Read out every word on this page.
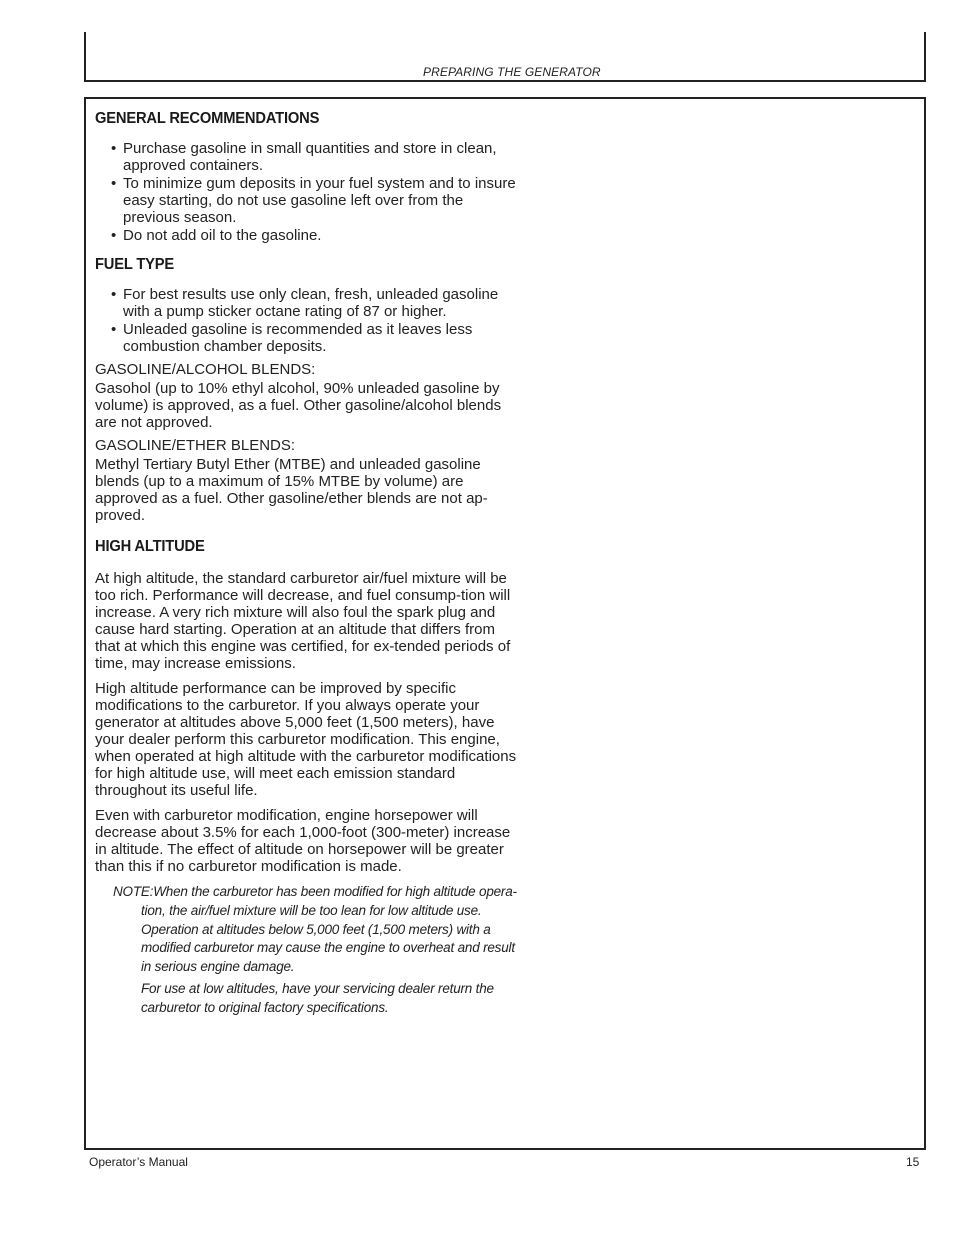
PREPARING THE GENERATOR
GENERAL RECOMMENDATIONS
• Purchase gasoline in small quantities and store in clean, approved containers.
• To minimize gum deposits in your fuel system and to insure easy starting, do not use gasoline left over from the previous season.
• Do not add oil to the gasoline.
FUEL TYPE
• For best results use only clean, fresh, unleaded gasoline with a pump sticker octane rating of 87 or higher.
• Unleaded gasoline is recommended as it leaves less combustion chamber deposits.

GASOLINE/ALCOHOL BLENDS:

Gasohol (up to 10% ethyl alcohol, 90% unleaded gasoline by volume) is approved, as a fuel. Other gasoline/alcohol blends are not approved.

GASOLINE/ETHER BLENDS:

Methyl Tertiary Butyl Ether (MTBE) and unleaded gasoline blends (up to a maximum of 15% MTBE by volume) are approved as a fuel. Other gasoline/ether blends are not ap-proved.

HIGH ALTITUDE

At high altitude, the standard carburetor air/fuel mixture will be too rich. Performance will decrease, and fuel consump-tion will increase. A very rich mixture will also foul the spark plug and cause hard starting. Operation at an altitude that differs from that at which this engine was certified, for ex-tended periods of time, may increase emissions.

High altitude performance can be improved by specific modifications to the carburetor. If you always operate your generator at altitudes above 5,000 feet (1,500 meters), have your dealer perform this carburetor modification. This engine, when operated at high altitude with the carburetor modifications for high altitude use, will meet each emission standard throughout its useful life.

Even with carburetor modification, engine horsepower will decrease about 3.5% for each 1,000-foot (300-meter) increase in altitude. The effect of altitude on horsepower will be greater than this if no carburetor modification is made.

NOTE:When the carburetor has been modified for high altitude opera-tion, the air/fuel mixture will be too lean for low altitude use. Operation at altitudes below 5,000 feet (1,500 meters) with a modified carburetor may cause the engine to overheat and result in serious engine damage.

For use at low altitudes, have your servicing dealer return the carburetor to original factory specifications.

Operator’s Manual	15
